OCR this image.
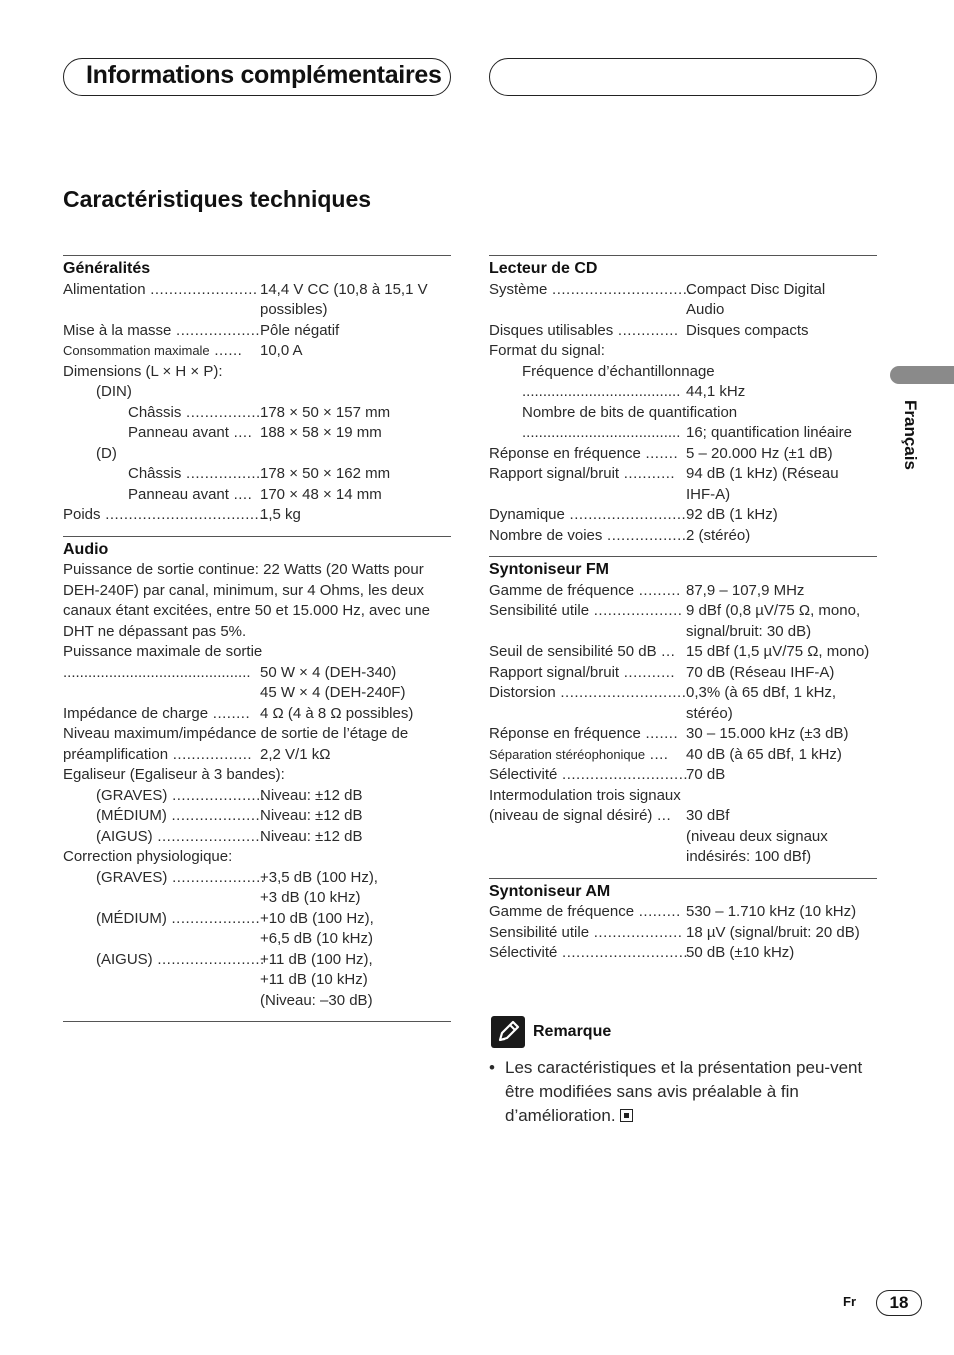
Informations complémentaires
Caractéristiques techniques
Généralités
Alimentation ....................... 14,4 V CC (10,8 à 15,1 V
possibles)
Mise à la masse .................. Pôle négatif
Consommation maximale ...... 10,0 A
Dimensions (L × H × P):
(DIN)
Châssis ................ 178 × 50 × 157 mm
Panneau avant .... 188 × 58 × 19 mm
(D)
Châssis ................ 178 × 50 × 162 mm
Panneau avant .... 170 × 48 × 14 mm
Poids ...................................
1,5 kg
Audio
Puissance de sortie continue: 22 Watts (20 Watts pour
DEH-240F) par canal, minimum, sur 4 Ohms, les deux
canaux étant excitées, entre 50 et 15.000 Hz, avec une
DHT ne dépassant pas 5%.
Puissance maximale de sortie
............................................. 50 W × 4 (DEH-340)
45 W × 4 (DEH-240F)
Impédance de charge ........ 4 Ω (4 à 8 Ω possibles)
Niveau maximum/impédance de sortie de l’étage de
préamplification ................. 2,2 V/1 kΩ
Egaliseur (Egaliseur à 3 bandes):
(GRAVES) ....................
Niveau: ±12 dB
(MÉDIUM) ................... Niveau: ±12 dB
(AIGUS) .......................
Niveau: ±12 dB
Correction physiologique:
(GRAVES) ....................
+3,5 dB (100 Hz),
+3 dB (10 kHz)
(MÉDIUM) ................... +10 dB (100 Hz),
+6,5 dB (10 kHz)
(AIGUS) .......................
+11 dB (100 Hz),
+11 dB (10 kHz)
(Niveau: –30 dB)
Lecteur de CD
Système ..............................
Compact Disc Digital
Audio
Disques utilisables ............. Disques compacts
Format du signal:
Fréquence d’échantillonnage
...................................... 44,1 kHz
Nombre de bits de quantification
...................................... 16; quantification linéaire
Réponse en fréquence ....... 5 – 20.000 Hz (±1 dB)
Rapport signal/bruit ........... 94 dB (1 kHz) (Réseau
IHF-A)
Dynamique ......................... 92 dB (1 kHz)
Nombre de voies ................. 2 (stéréo)
Syntoniseur FM
Gamme de fréquence ......... 87,9 – 107,9 MHz
Sensibilité utile ................... 9 dBf (0,8 µV/75 Ω, mono,
signal/bruit: 30 dB)
Seuil de sensibilité 50 dB ... 15 dBf (1,5 µV/75 Ω, mono)
Rapport signal/bruit ........... 70 dB (Réseau IHF-A)
Distorsion ........................... 0,3% (à 65 dBf, 1 kHz,
stéréo)
Réponse en fréquence ....... 30 – 15.000 kHz (±3 dB)
Séparation stéréophonique .... 40 dB (à 65 dBf, 1 kHz)
Sélectivité ...........................
70 dB
Intermodulation trois signaux
(niveau de signal désiré) ... 30 dBf
(niveau deux signaux
indésirés: 100 dBf)
Syntoniseur AM
Gamme de fréquence ......... 530 – 1.710 kHz (10 kHz)
Sensibilité utile ................... 18 µV (signal/bruit: 20 dB)
Sélectivité ...........................
50 dB (±10 kHz)
Remarque
• Les caractéristiques et la présentation peu-vent être modifiées sans avis préalable à fin d’amélioration.
Français
Fr	18
